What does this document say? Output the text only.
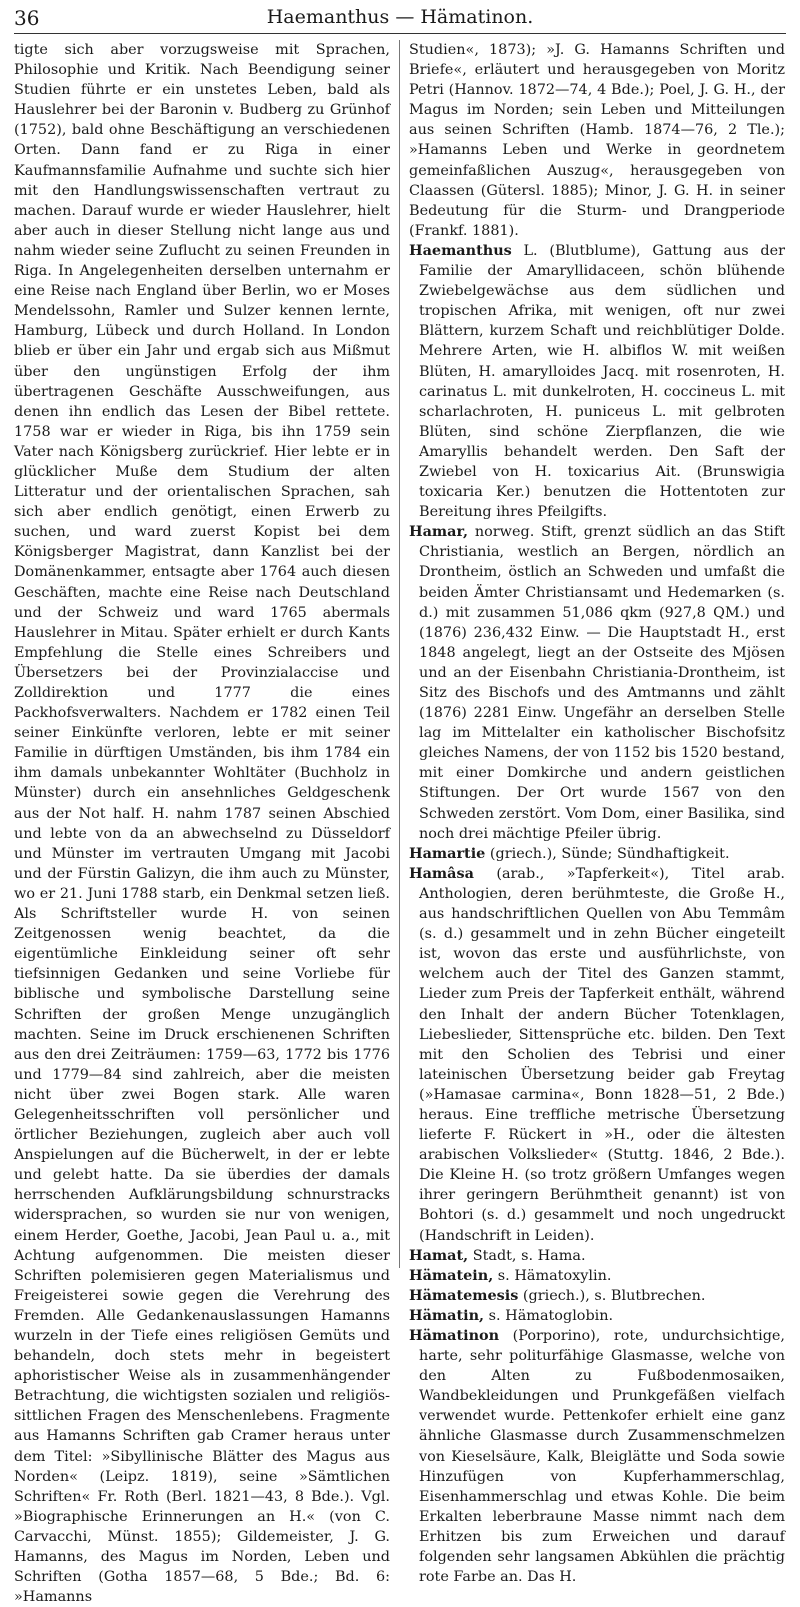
36	Haemanthus — Hämatinon.

tigte sich aber vorzugsweise mit Sprachen, Philosophie und Kritik. Nach Beendigung seiner Studien führte er ein unstetes Leben, bald als Hauslehrer bei der Baronin v. Budberg zu Grünhof (1752), bald ohne Beschäftigung an verschiedenen Orten. Dann fand er zu Riga in einer Kaufmannsfamilie Aufnahme und suchte sich hier mit den Handlungswissenschaften vertraut zu machen. Darauf wurde er wieder Hauslehrer, hielt aber auch in dieser Stellung nicht lange aus und nahm wieder seine Zuflucht zu seinen Freunden in Riga. In Angelegenheiten derselben unternahm er eine Reise nach England über Berlin, wo er Moses Mendelssohn, Ramler und Sulzer kennen lernte, Hamburg, Lübeck und durch Holland. In London blieb er über ein Jahr und ergab sich aus Mißmut über den ungünstigen Erfolg der ihm übertragenen Geschäfte Ausschweifungen, aus denen ihn endlich das Lesen der Bibel rettete. 1758 war er wieder in Riga, bis ihn 1759 sein Vater nach Königsberg zurückrief. Hier lebte er in glücklicher Muße dem Studium der alten Litteratur und der orientalischen Sprachen, sah sich aber endlich genötigt, einen Erwerb zu suchen, und ward zuerst Kopist bei dem Königsberger Magistrat, dann Kanzlist bei der Domänenkammer, entsagte aber 1764 auch diesen Geschäften, machte eine Reise nach Deutschland und der Schweiz und ward 1765 abermals Hauslehrer in Mitau. Später erhielt er durch Kants Empfehlung die Stelle eines Schreibers und Übersetzers bei der Provinzialaccise und Zolldirektion und 1777 die eines Packhofsverwalters. Nachdem er 1782 einen Teil seiner Einkünfte verloren, lebte er mit seiner Familie in dürftigen Umständen, bis ihm 1784 ein ihm damals unbekannter Wohltäter (Buchholz in Münster) durch ein ansehnliches Geldgeschenk aus der Not half. H. nahm 1787 seinen Abschied und lebte von da an abwechselnd zu Düsseldorf und Münster im vertrauten Umgang mit Jacobi und der Fürstin Galizyn, die ihm auch zu Münster, wo er 21. Juni 1788 starb, ein Denkmal setzen ließ. Als Schriftsteller wurde H. von seinen Zeitgenossen wenig beachtet, da die eigentümliche Einkleidung seiner oft sehr tiefsinnigen Gedanken und seine Vorliebe für biblische und symbolische Darstellung seine Schriften der großen Menge unzugänglich machten. Seine im Druck erschienenen Schriften aus den drei Zeiträumen: 1759—63, 1772 bis 1776 und 1779—84 sind zahlreich, aber die meisten nicht über zwei Bogen stark. Alle waren Gelegenheitsschriften voll persönlicher und örtlicher Beziehungen, zugleich aber auch voll Anspielungen auf die Bücherwelt, in der er lebte und gelebt hatte. Da sie überdies der damals herrschenden Aufklärungsbildung schnurstracks widersprachen, so wurden sie nur von wenigen, einem Herder, Goethe, Jacobi, Jean Paul u. a., mit Achtung aufgenommen. Die meisten dieser Schriften polemisieren gegen Materialismus und Freigeisterei sowie gegen die Verehrung des Fremden. Alle Gedankenauslassungen Hamanns wurzeln in der Tiefe eines religiösen Gemüts und behandeln, doch stets mehr in begeistert aphoristischer Weise als in zusammenhängender Betrachtung, die wichtigsten sozialen und religiös-sittlichen Fragen des Menschenlebens. Fragmente aus Hamanns Schriften gab Cramer heraus unter dem Titel: »Sibyllinische Blätter des Magus aus Norden« (Leipz. 1819), seine »Sämtlichen Schriften« Fr. Roth (Berl. 1821—43, 8 Bde.). Vgl. »Biographische Erinnerungen an H.« (von C. Carvacchi, Münst. 1855); Gildemeister, J. G. Hamanns, des Magus im Norden, Leben und Schriften (Gotha 1857—68, 5 Bde.; Bd. 6: »Hamanns

Studien«, 1873); »J. G. Hamanns Schriften und Briefe«, erläutert und herausgegeben von Moritz Petri (Hannov. 1872—74, 4 Bde.); Poel, J. G. H., der Magus im Norden; sein Leben und Mitteilungen aus seinen Schriften (Hamb. 1874—76, 2 Tle.); »Hamanns Leben und Werke in geordnetem gemeinfaßlichen Auszug«, herausgegeben von Claassen (Gütersl. 1885); Minor, J. G. H. in seiner Bedeutung für die Sturm- und Drangperiode (Frankf. 1881).

Haemanthus L. (Blutblume), Gattung aus der Familie der Amaryllidaceen, schön blühende Zwiebelgewächse aus dem südlichen und tropischen Afrika, mit wenigen, oft nur zwei Blättern, kurzem Schaft und reichblütiger Dolde. Mehrere Arten, wie H. albiflos W. mit weißen Blüten, H. amarylloides Jacq. mit rosenroten, H. carinatus L. mit dunkelroten, H. coccineus L. mit scharlachroten, H. puniceus L. mit gelbroten Blüten, sind schöne Zierpflanzen, die wie Amaryllis behandelt werden. Den Saft der Zwiebel von H. toxicarius Ait. (Brunswigia toxicaria Ker.) benutzen die Hottentoten zur Bereitung ihres Pfeilgifts.

Hamar, norweg. Stift, grenzt südlich an das Stift Christiania, westlich an Bergen, nördlich an Drontheim, östlich an Schweden und umfaßt die beiden Ämter Christiansamt und Hedemarken (s. d.) mit zusammen 51,086 qkm (927,8 QM.) und (1876) 236,432 Einw. — Die Hauptstadt H., erst 1848 angelegt, liegt an der Ostseite des Mjösen und an der Eisenbahn Christiania-Drontheim, ist Sitz des Bischofs und des Amtmanns und zählt (1876) 2281 Einw. Ungefähr an derselben Stelle lag im Mittelalter ein katholischer Bischofsitz gleiches Namens, der von 1152 bis 1520 bestand, mit einer Domkirche und andern geistlichen Stiftungen. Der Ort wurde 1567 von den Schweden zerstört. Vom Dom, einer Basilika, sind noch drei mächtige Pfeiler übrig.

Hamartie (griech.), Sünde; Sündhaftigkeit.

Hamâsa (arab., »Tapferkeit«), Titel arab. Anthologien, deren berühmteste, die Große H., aus handschriftlichen Quellen von Abu Temmâm (s. d.) gesammelt und in zehn Bücher eingeteilt ist, wovon das erste und ausführlichste, von welchem auch der Titel des Ganzen stammt, Lieder zum Preis der Tapferkeit enthält, während den Inhalt der andern Bücher Totenklagen, Liebeslieder, Sittensprüche etc. bilden. Den Text mit den Scholien des Tebrisi und einer lateinischen Übersetzung beider gab Freytag (»Hamasae carmina«, Bonn 1828—51, 2 Bde.) heraus. Eine treffliche metrische Übersetzung lieferte F. Rückert in »H., oder die ältesten arabischen Volkslieder« (Stuttg. 1846, 2 Bde.). Die Kleine H. (so trotz größern Umfanges wegen ihrer geringern Berühmtheit genannt) ist von Bohtori (s. d.) gesammelt und noch ungedruckt (Handschrift in Leiden).

Hamat, Stadt, s. Hama.

Hämatein, s. Hämatoxylin.

Hämatemesis (griech.), s. Blutbrechen.

Hämatin, s. Hämatoglobin.

Hämatinon (Porporino), rote, undurchsichtige, harte, sehr politurfähige Glasmasse, welche von den Alten zu Fußbodenmosaiken, Wandbekleidungen und Prunkgefäßen vielfach verwendet wurde. Pettenkofer erhielt eine ganz ähnliche Glasmasse durch Zusammenschmelzen von Kieselsäure, Kalk, Bleiglätte und Soda sowie Hinzufügen von Kupferhammerschlag, Eisenhammerschlag und etwas Kohle. Die beim Erkalten leberbraune Masse nimmt nach dem Erhitzen bis zum Erweichen und darauf folgenden sehr langsamen Abkühlen die prächtig rote Farbe an. Das H.
